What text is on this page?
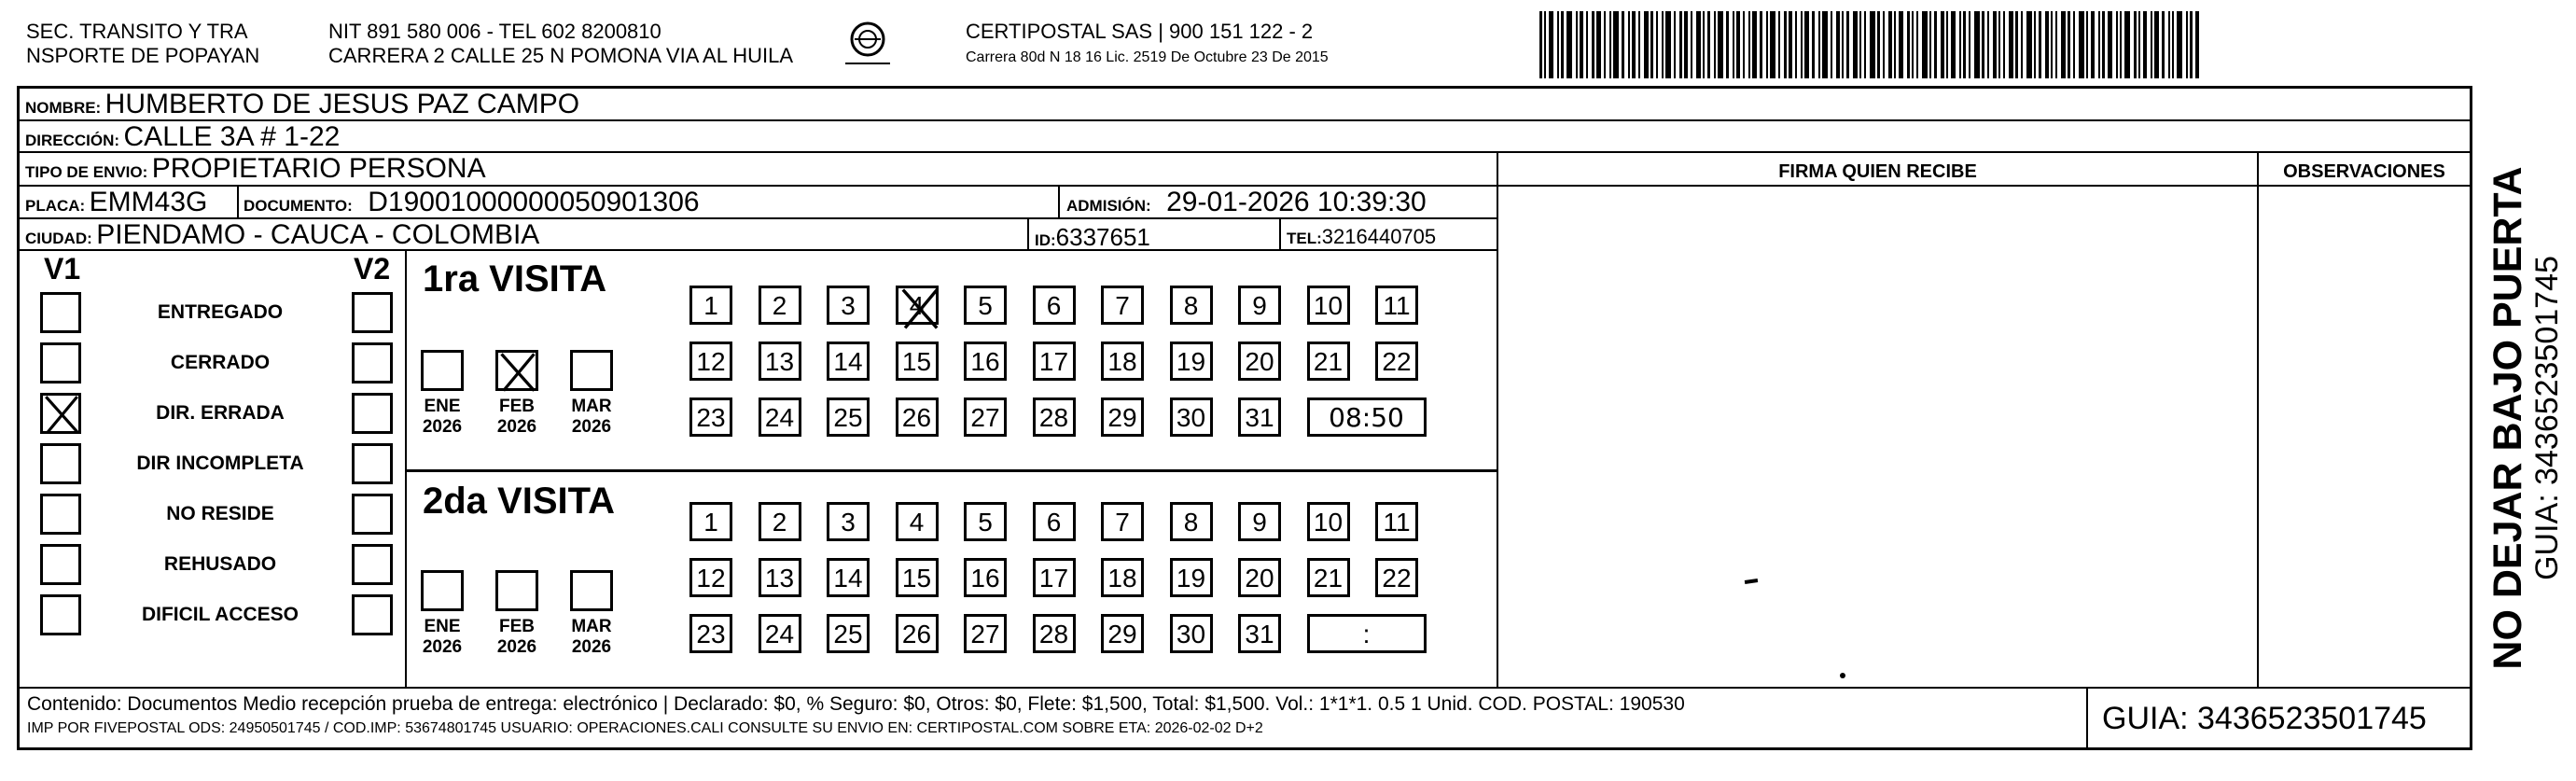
SEC. TRANSITO Y TRA
NSPORTE DE POPAYAN
NIT 891 580 006 - TEL 602 8200810
CARRERA 2 CALLE 25 N POMONA VIA AL HUILA
CERTIPOSTAL SAS | 900 151 122 - 2
Carrera 80d N 18 16 Lic. 2519 De Octubre 23 De 2015
NOMBRE: HUMBERTO DE JESUS PAZ CAMPO
DIRECCIÓN: CALLE 3A # 1-22
TIPO DE ENVIO: PROPIETARIO PERSONA
PLACA: EMM43G DOCUMENTO: D19001000000050901306	ADMISIÓN: 29-01-2026 10:39:30
CIUDAD: PIENDAMO - CAUCA - COLOMBIA	ID:6337651	TEL:3216440705
FIRMA QUIEN RECIBE	OBSERVACIONES
V1	V2
ENTREGADO
CERRADO
DIR. ERRADA
DIR INCOMPLETA
NO RESIDE
REHUSADO
DIFICIL ACCESO
1ra VISITA
ENE
2026
FEB
2026
MAR
2026
1	2	3	4	5	6	7	8	9	10	11
12 13 14 15 16 17 18 19 20 21 22
23 24 25 26 27 28 29 30 31	08:50
2da VISITA
ENE
2026
FEB
2026
MAR
2026
1	2	3	4	5	6	7	8	9	10	11
12 13 14 15 16 17 18 19 20 21 22
23 24 25 26 27 28 29 30 31	:
Contenido: Documentos Medio recepción prueba de entrega: electrónico | Declarado: $0, % Seguro: $0, Otros: $0, Flete: $1,500, Total: $1,500. Vol.: 1*1*1. 0.5 1 Unid. COD. POSTAL: 190530
IMP POR FIVEPOSTAL ODS: 24950501745 / COD.IMP: 53674801745 USUARIO: OPERACIONES.CALI CONSULTE SU ENVIO EN: CERTIPOSTAL.COM SOBRE ETA: 2026-02-02 D+2	GUIA: 3436523501745
NO DEJAR BAJO PUERTA GUIA: 3436523501745
